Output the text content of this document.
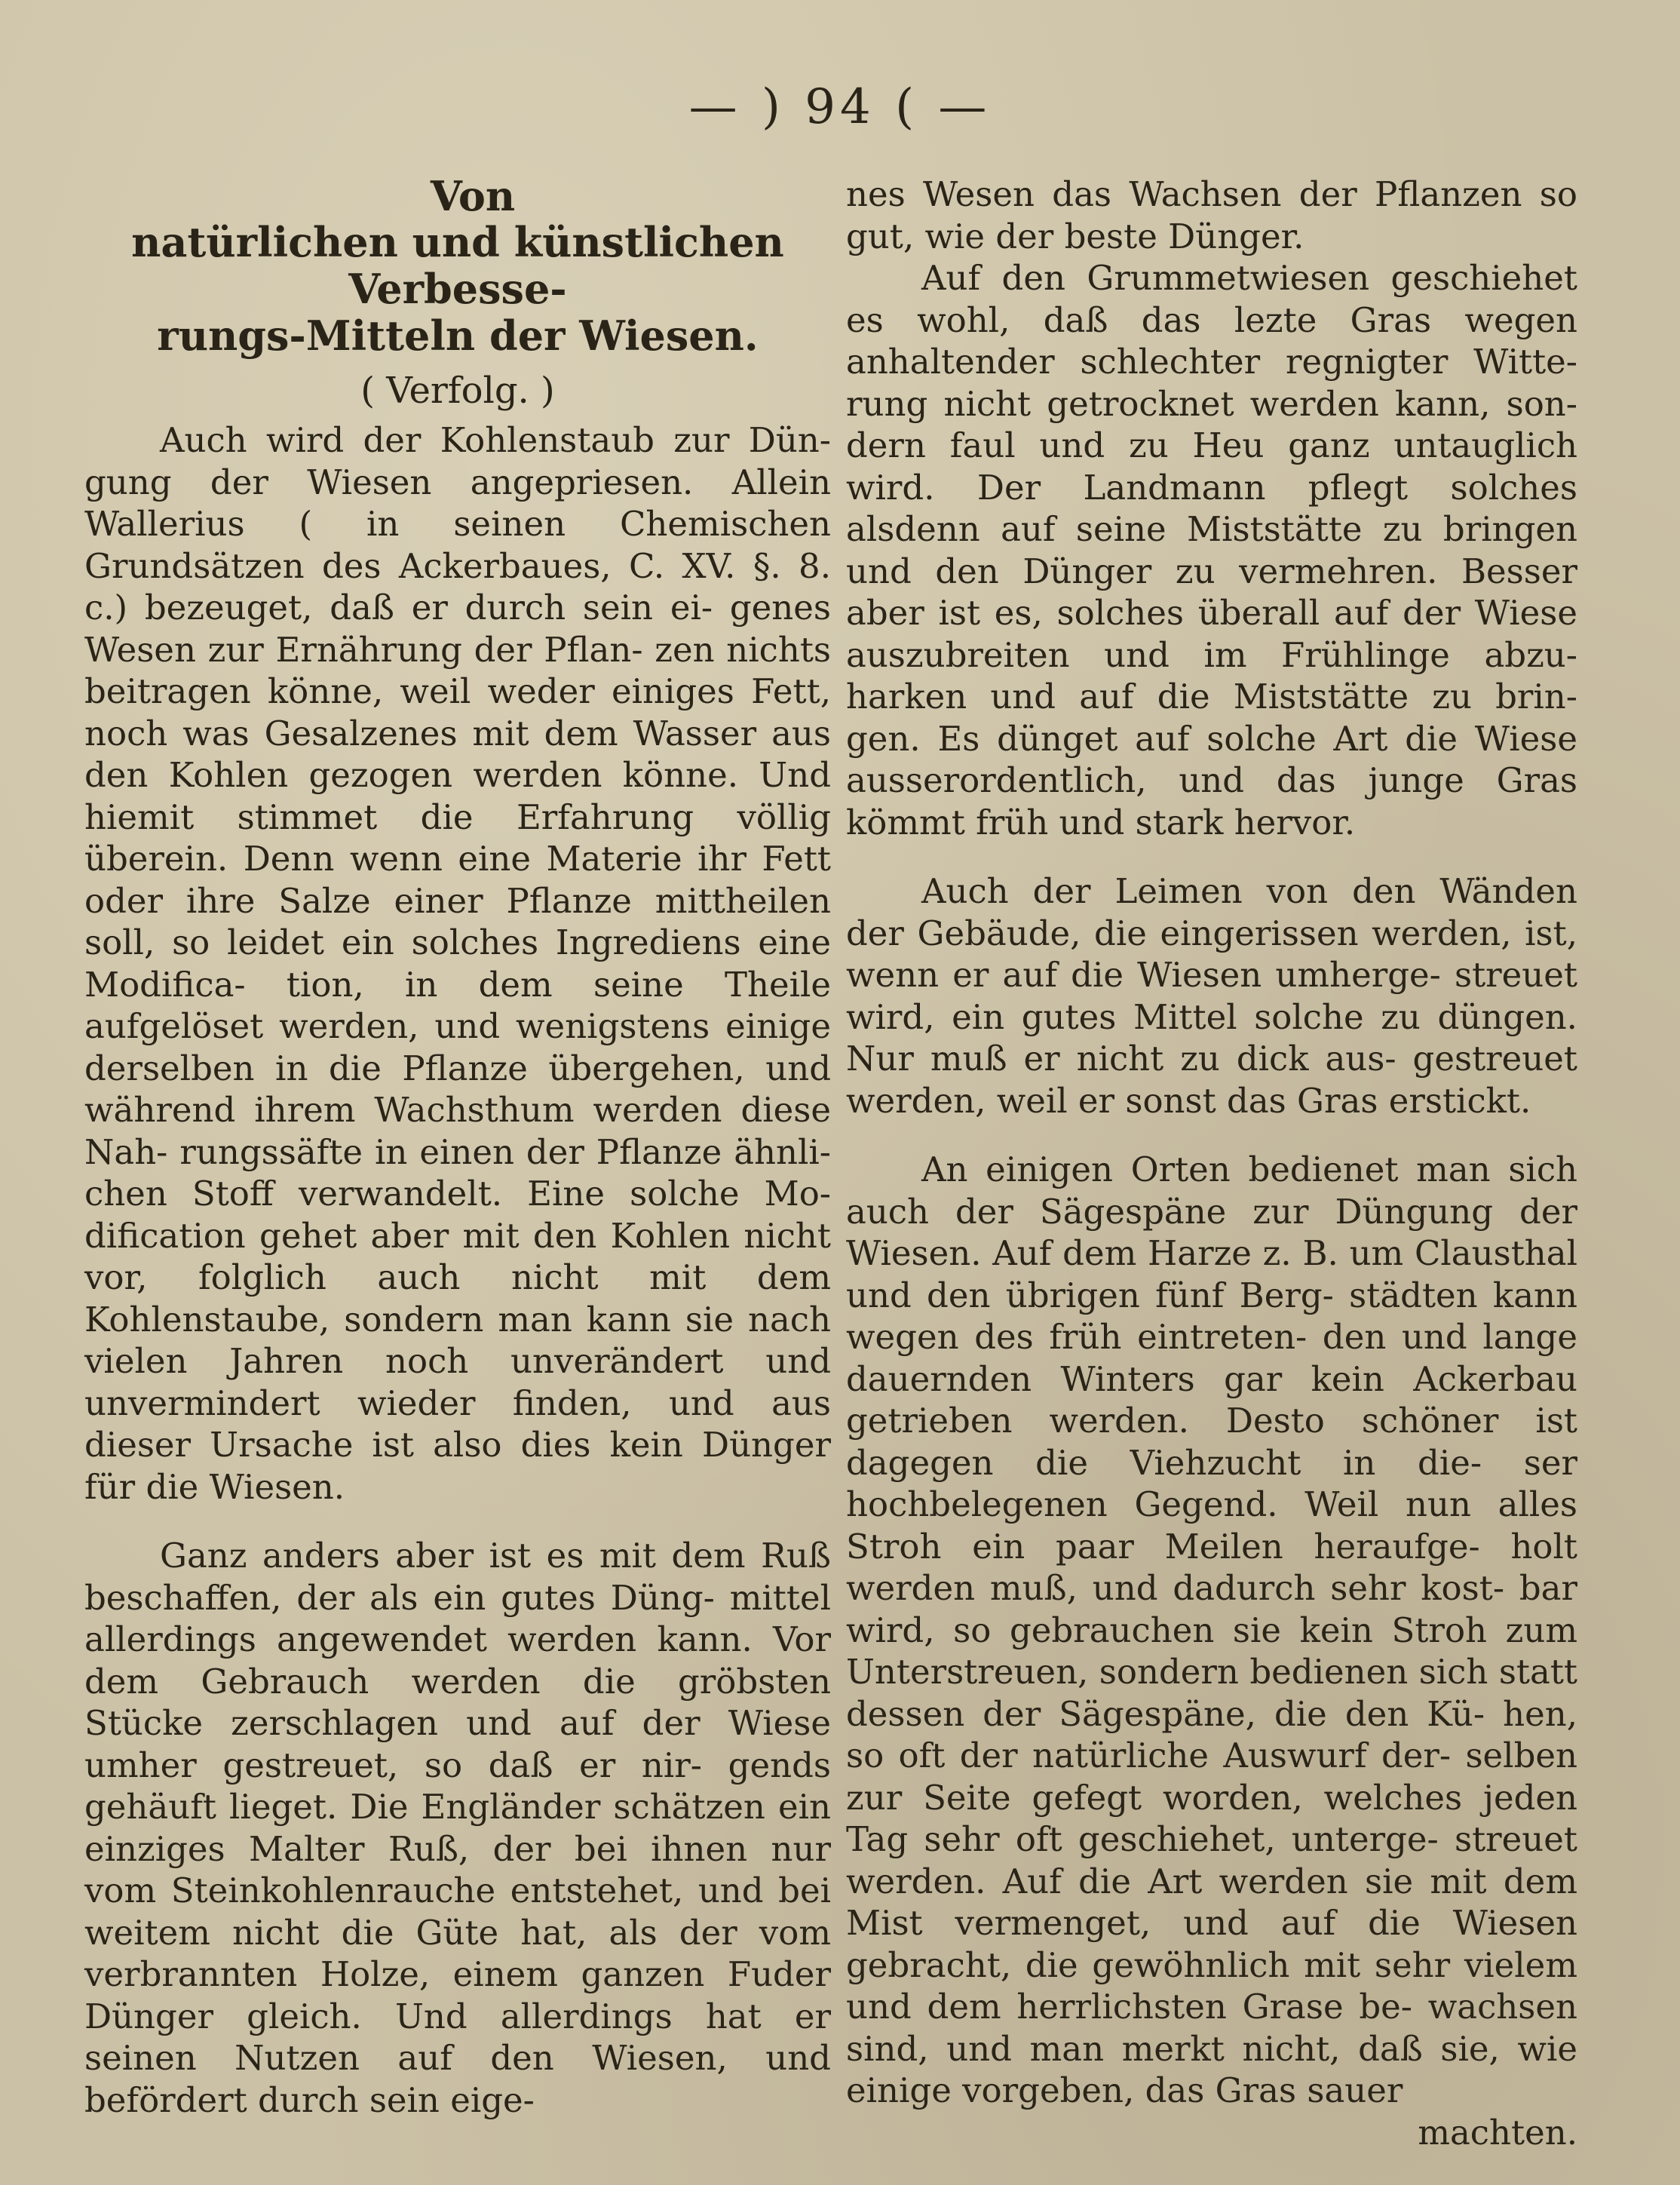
— ) 94 ( —
Von
natürlichen und künstlichen Verbesse-
rungs-Mitteln der Wiesen.
( Verfolg. )

Auch wird der Kohlenstaub zur Dün- gung der Wiesen angepriesen. Allein Wallerius ( in seinen Chemischen Grundsätzen des Ackerbaues, C. XV. §. 8. c.) bezeuget, daß er durch sein ei- genes Wesen zur Ernährung der Pflan- zen nichts beitragen könne, weil weder einiges Fett, noch was Gesalzenes mit dem Wasser aus den Kohlen gezogen werden könne. Und hiemit stimmet die Erfahrung völlig überein. Denn wenn eine Materie ihr Fett oder ihre Salze einer Pflanze mittheilen soll, so leidet ein solches Ingrediens eine Modifica- tion, in dem seine Theile aufgelöset werden, und wenigstens einige derselben in die Pflanze übergehen, und während ihrem Wachsthum werden diese Nah- rungssäfte in einen der Pflanze ähnli- chen Stoff verwandelt. Eine solche Mo- dification gehet aber mit den Kohlen nicht vor, folglich auch nicht mit dem Kohlenstaube, sondern man kann sie nach vielen Jahren noch unverändert und unvermindert wieder finden, und aus dieser Ursache ist also dies kein Dünger für die Wiesen.

Ganz anders aber ist es mit dem Ruß beschaffen, der als ein gutes Düng- mittel allerdings angewendet werden kann. Vor dem Gebrauch werden die gröbsten Stücke zerschlagen und auf der Wiese umher gestreuet, so daß er nir- gends gehäuft lieget. Die Engländer schätzen ein einziges Malter Ruß, der bei ihnen nur vom Steinkohlenrauche entstehet, und bei weitem nicht die Güte hat, als der vom verbrannten Holze, einem ganzen Fuder Dünger gleich. Und allerdings hat er seinen Nutzen auf den Wiesen, und befördert durch sein eige-

nes Wesen das Wachsen der Pflanzen so gut, wie der beste Dünger.

Auf den Grummetwiesen geschiehet es wohl, daß das lezte Gras wegen anhaltender schlechter regnigter Witte- rung nicht getrocknet werden kann, son- dern faul und zu Heu ganz untauglich wird. Der Landmann pflegt solches alsdenn auf seine Miststätte zu bringen und den Dünger zu vermehren. Besser aber ist es, solches überall auf der Wiese auszubreiten und im Frühlinge abzu- harken und auf die Miststätte zu brin- gen. Es dünget auf solche Art die Wiese ausserordentlich, und das junge Gras kömmt früh und stark hervor.

Auch der Leimen von den Wänden der Gebäude, die eingerissen werden, ist, wenn er auf die Wiesen umherge- streuet wird, ein gutes Mittel solche zu düngen. Nur muß er nicht zu dick aus- gestreuet werden, weil er sonst das Gras erstickt.

An einigen Orten bedienet man sich auch der Sägespäne zur Düngung der Wiesen. Auf dem Harze z. B. um Clausthal und den übrigen fünf Berg- städten kann wegen des früh eintreten- den und lange dauernden Winters gar kein Ackerbau getrieben werden. Desto schöner ist dagegen die Viehzucht in die- ser hochbelegenen Gegend. Weil nun alles Stroh ein paar Meilen heraufge- holt werden muß, und dadurch sehr kost- bar wird, so gebrauchen sie kein Stroh zum Unterstreuen, sondern bedienen sich statt dessen der Sägespäne, die den Kü- hen, so oft der natürliche Auswurf der- selben zur Seite gefegt worden, welches jeden Tag sehr oft geschiehet, unterge- streuet werden. Auf die Art werden sie mit dem Mist vermenget, und auf die Wiesen gebracht, die gewöhnlich mit sehr vielem und dem herrlichsten Grase be- wachsen sind, und man merkt nicht, daß sie, wie einige vorgeben, das Gras sauer

machten.
